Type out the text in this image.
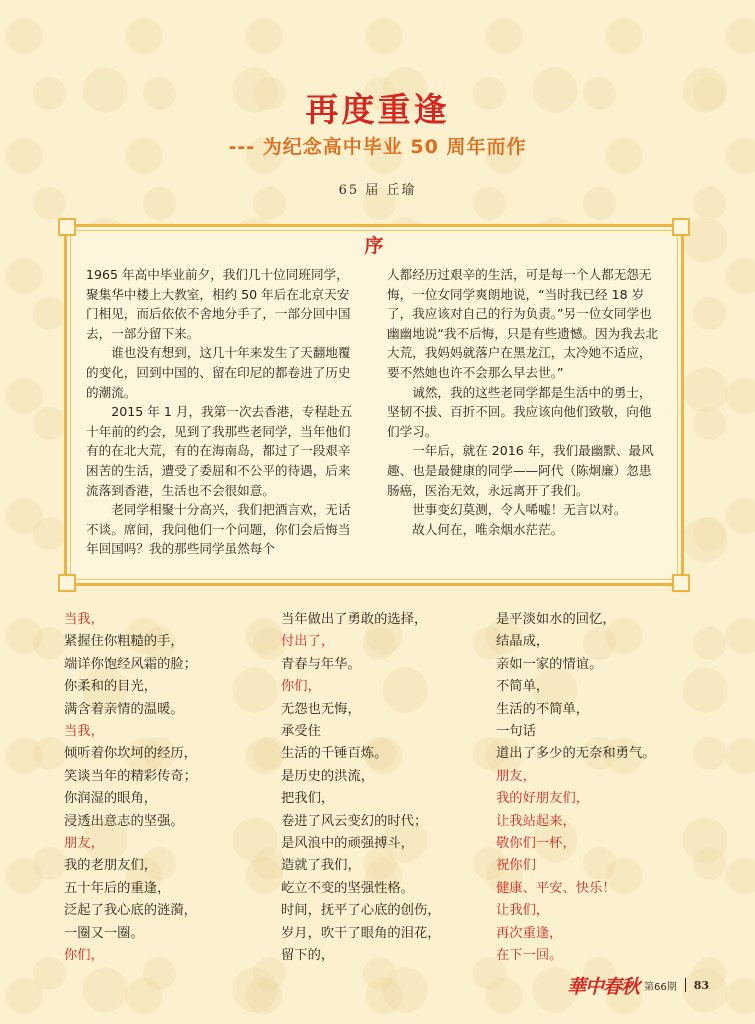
再度重逢
--- 为纪念高中毕业 50 周年而作
65 届 丘瑜
序

1965 年高中毕业前夕，我们几十位同班同学，聚集华中楼上大教室，相约 50 年后在北京天安门相见，而后依依不舍地分手了，一部分回中国去，一部分留下来。

　　谁也没有想到，这几十年来发生了天翻地覆的变化，回到中国的、留在印尼的都卷进了历史的潮流。

　　2015 年 1 月，我第一次去香港，专程赴五十年前的约会，见到了我那些老同学，当年他们有的在北大荒，有的在海南岛，都过了一段艰辛困苦的生活，遭受了委屈和不公平的待遇，后来流落到香港，生活也不会很如意。

　　老同学相聚十分高兴，我们把酒言欢，无话不谈。席间，我问他们一个问题，你们会后悔当年回国吗？我的那些同学虽然每个

人都经历过艰辛的生活，可是每一个人都无怨无悔，一位女同学爽朗地说，“当时我已经 18 岁了，我应该对自己的行为负责。”另一位女同学也幽幽地说“我不后悔，只是有些遗憾。因为我去北大荒，我妈妈就落户在黑龙江，太冷她不适应，要不然她也许不会那么早去世。”

　　诚然，我的这些老同学都是生活中的勇士，坚韧不拔、百折不回。我应该向他们致敬，向他们学习。

　　一年后，就在 2016 年，我们最幽默、最风趣、也是最健康的同学——阿代（陈炯廉）忽患肠癌，医治无效，永远离开了我们。

　　世事变幻莫测，令人唏嘘！无言以对。

　　故人何在，唯余烟水茫茫。

当我，
紧握住你粗糙的手，
端详你饱经风霜的脸；
你柔和的目光，
满含着亲情的温暖。
当我，
倾听着你坎坷的经历，
笑谈当年的精彩传奇；
你润湿的眼角，
浸透出意志的坚强。
朋友，
我的老朋友们，
五十年后的重逢，
泛起了我心底的涟漪，
一圈又一圈。
你们，
当年做出了勇敢的选择，
付出了，
青春与年华。
你们，
无怨也无悔，
承受住
生活的千锤百炼。
是历史的洪流，
把我们，
卷进了风云变幻的时代；
是风浪中的顽强搏斗，
造就了我们，
屹立不变的坚强性格。
时间，抚平了心底的创伤，
岁月，吹干了眼角的泪花，
留下的，
是平淡如水的回忆，
结晶成，
亲如一家的情谊。
不简单，
生活的不简单，
一句话
道出了多少的无奈和勇气。
朋友，
我的好朋友们，
让我站起来，
敬你们一杯，
祝你们
健康、平安、快乐！
让我们，
再次重逢，
在下一回。
華中春秋 第66期 83
